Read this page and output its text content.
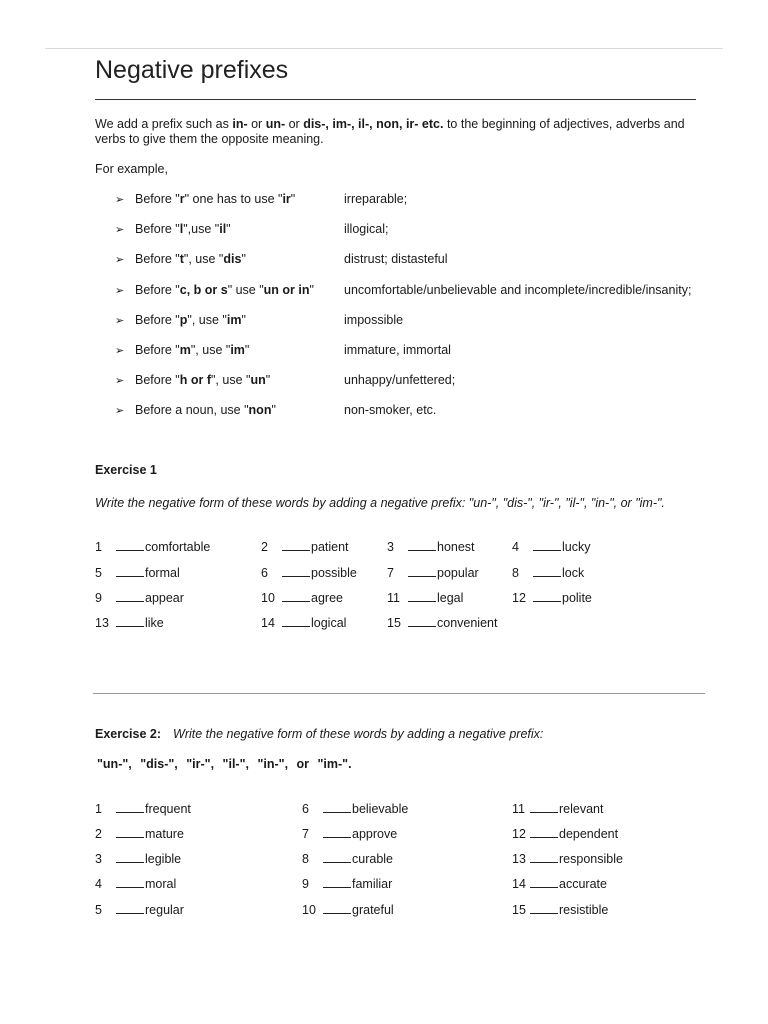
Negative prefixes
We add a prefix such as in- or un- or dis-, im-, il-, non, ir- etc. to the beginning of adjectives, adverbs and verbs to give them the opposite meaning.
For example,
➢ Before "r" one has to use "ir"	irreparable;
➢ Before "l",use "il"	illogical;
➢ Before "t", use "dis"	distrust; distasteful
➢ Before "c, b or s" use "un or in" uncomfortable/unbelievable and incomplete/incredible/insanity;
➢ Before "p", use "im"	impossible
➢ Before "m", use "im"	immature, immortal
➢ Before "h or f", use "un"	unhappy/unfettered;
➢ Before a noun, use "non"	non-smoker, etc.
Exercise 1
Write the negative form of these words by adding a negative prefix: "un-", "dis-", "ir-", "il-", "in-", or "im-".
1	comfortable	2	patient	3	honest	4	lucky
5	formal	6	possible 7	popular	8	lock
9	appear	10	agree	11	legal	12	polite
13	like	14	logical	15	convenient
Exercise 2: Write the negative form of these words by adding a negative prefix:
"un-", "dis-", "ir-", "il-", "in-", or "im-".
1	frequent	6	believable	11	relevant
2	mature	7	approve	12	dependent
3	legible	8	curable	13	responsible
4	moral	9	familiar	14	accurate
5	regular	10	grateful	15	resistible
